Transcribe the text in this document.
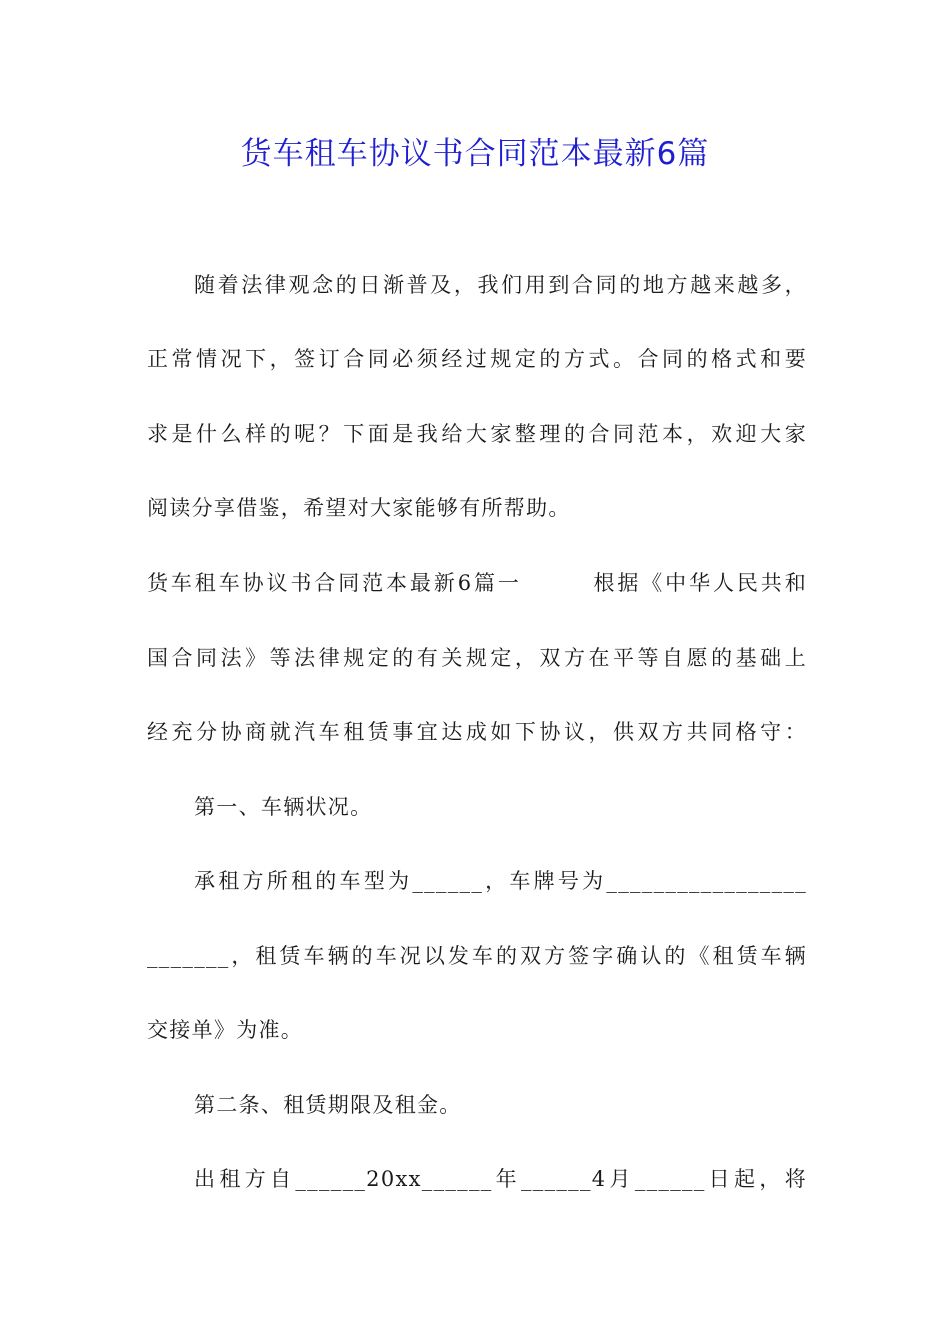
货车租车协议书合同范本最新6篇
随着法律观念的日渐普及，我们用到合同的地方越来越多，
正常情况下，签订合同必须经过规定的方式。合同的格式和要
求是什么样的呢？下面是我给大家整理的合同范本，欢迎大家
阅读分享借鉴，希望对大家能够有所帮助。
货车租车协议书合同范本最新6篇一　　　根据《中华人民共和
国合同法》等法律规定的有关规定，双方在平等自愿的基础上
经充分协商就汽车租赁事宜达成如下协议，供双方共同格守：
第一、车辆状况。
承租方所租的车型为______，车牌号为_________________
_______，租赁车辆的车况以发车的双方签字确认的《租赁车辆
交接单》为准。
第二条、租赁期限及租金。
出租方自______20xx______年______4月______日起，将
